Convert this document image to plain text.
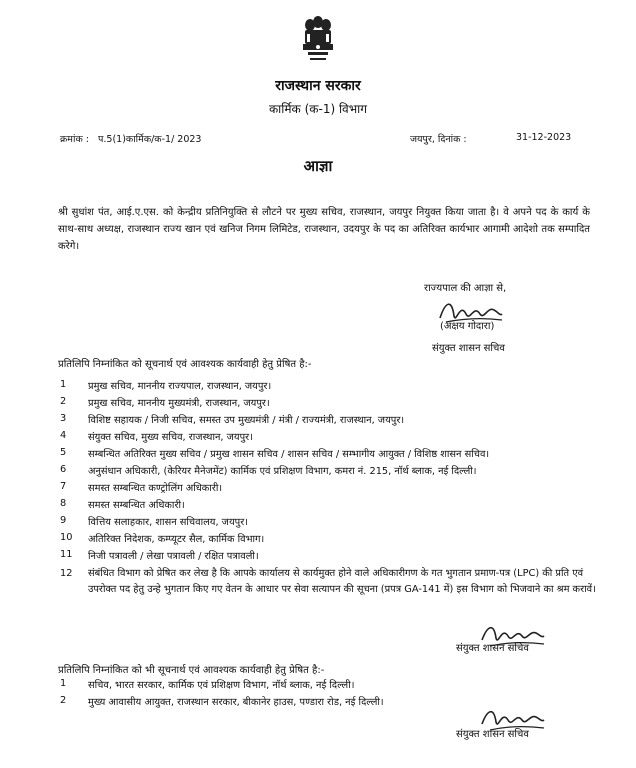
राजस्थान सरकार
कार्मिक (क-1) विभाग
क्रमांक : प.5(1)कार्मिक/क-1/ 2023	जयपुर, दिनांक :	31-12-2023
आज्ञा
श्री सुधांश पंत, आई.ए.एस. को केन्द्रीय प्रतिनियुक्ति से लौटने पर मुख्य सचिव, राजस्थान, जयपुर नियुक्त किया जाता है। वे अपने पद के कार्य के साथ-साथ अध्यक्ष, राजस्थान राज्य खान एवं खनिज निगम लिमिटेड, राजस्थान, उदयपुर के पद का अतिरिक्त कार्यभार आगामी आदेशो तक सम्पादित करेगे।
राज्यपाल की आज्ञा से,
(अक्षय गोदारा)
संयुक्त शासन सचिव
प्रतिलिपि निम्नांकित को सूचनार्थ एवं आवश्यक कार्यवाही हेतु प्रेषित है:-
1	प्रमुख सचिव, माननीय राज्यपाल, राजस्थान, जयपुर।
2	प्रमुख सचिव, माननीय मुख्यमंत्री, राजस्थान, जयपुर।
3	विशिष्ट सहायक / निजी सचिव, समस्त उप मुख्यमंत्री / मंत्री / राज्यमंत्री, राजस्थान, जयपुर।
4	संयुक्त सचिव, मुख्य सचिव, राजस्थान, जयपुर।
5	सम्बन्धित अतिरिक्त मुख्य सचिव / प्रमुख शासन सचिव / शासन सचिव / सम्भागीय आयुक्त / विशिष्ठ शासन सचिव।
6	अनुसंधान अधिकारी, (केरियर मैनेजमेंट) कार्मिक एवं प्रशिक्षण विभाग, कमरा नं. 215, नॉर्थ ब्लाक, नई दिल्ली।
7	समस्त सम्बन्धित कण्ट्रोलिंग अधिकारी।
8	समस्त सम्बन्धित अधिकारी।
9	वित्तिय सलाहकार, शासन सचिवालय, जयपुर।
10	अतिरिक्त निदेशक, कम्प्यूटर सैल, कार्मिक विभाग।
11	निजी पत्रावली / लेखा पत्रावली / रक्षित पत्रावली।
12	संबंधित विभाग को प्रेषित कर लेख है कि आपके कार्यालय से कार्यमुक्त होने वाले अधिकारीगण के गत भुगतान प्रमाण-पत्र (LPC) की प्रति एवं उपरोक्त पद हेतु उन्हे भुगतान किए गए वेतन के आधार पर सेवा सत्यापन की सूचना (प्रपत्र GA-141 में) इस विभाग को भिजवाने का श्रम करावें।
संयुक्त शासन सचिव
प्रतिलिपि निम्नांकित को भी सूचनार्थ एवं आवश्यक कार्यवाही हेतु प्रेषित है:-
1	सचिव, भारत सरकार, कार्मिक एवं प्रशिक्षण विभाग, नॉर्थ ब्लाक, नई दिल्ली।
2	मुख्य आवासीय आयुक्त, राजस्थान सरकार, बीकानेर हाउस, पण्डारा रोड, नई दिल्ली।
संयुक्त शासन सचिव
